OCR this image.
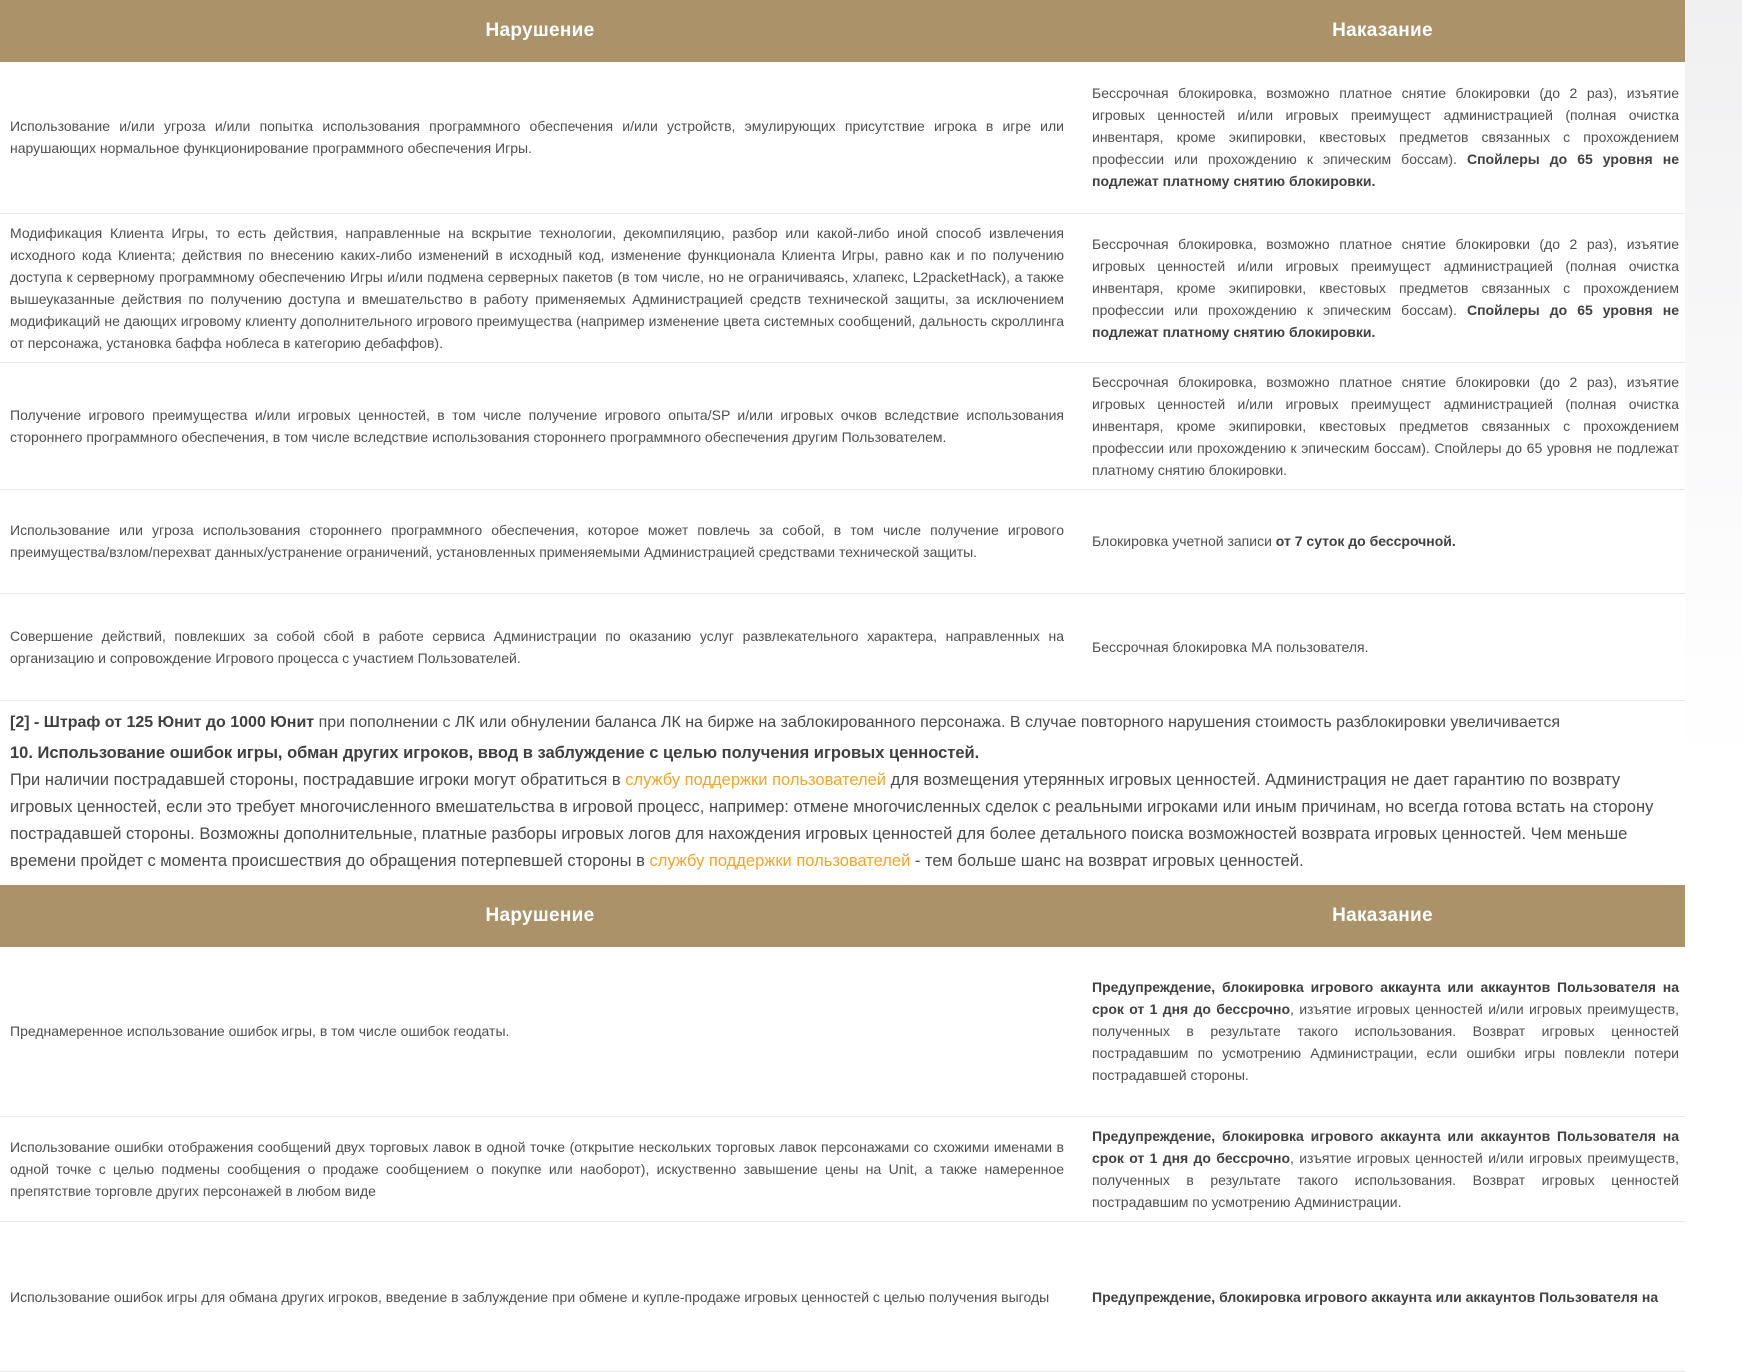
Нарушение	Наказание
Использование и/или угроза и/или попытка использования программного обеспечения и/или устройств, эмулирующих присутствие игрока в игре или нарушающих нормальное функционирование программного обеспечения Игры.	Бессрочная блокировка, возможно платное снятие блокировки (до 2 раз), изъятие игровых ценностей и/или игровых преимущест администрацией (полная очистка инвентаря, кроме экипировки, квестовых предметов связанных с прохождением профессии или прохождению к эпическим боссам). Спойлеры до 65 уровня не подлежат платному снятию блокировки.
Модификация Клиента Игры, то есть действия, направленные на вскрытие технологии, декомпиляцию, разбор или какой-либо иной способ извлечения исходного кода Клиента; действия по внесению каких-либо изменений в исходный код, изменение функционала Клиента Игры, равно как и по получению доступа к серверному программному обеспечению Игры и/или подмена серверных пакетов (в том числе, но не ограничиваясь, хлапекс, L2packetHack), а также вышеуказанные действия по получению доступа и вмешательство в работу применяемых Администрацией средств технической защиты, за исключением модификаций не дающих игровому клиенту дополнительного игрового преимущества (например изменение цвета системных сообщений, дальность скроллинга от персонажа, установка баффа ноблеса в категорию дебаффов).	Бессрочная блокировка, возможно платное снятие блокировки (до 2 раз), изъятие игровых ценностей и/или игровых преимущест администрацией (полная очистка инвентаря, кроме экипировки, квестовых предметов связанных с прохождением профессии или прохождению к эпическим боссам). Спойлеры до 65 уровня не подлежат платному снятию блокировки.
Получение игрового преимущества и/или игровых ценностей, в том числе получение игрового опыта/SP и/или игровых очков вследствие использования стороннего программного обеспечения, в том числе вследствие использования стороннего программного обеспечения другим Пользователем.	Бессрочная блокировка, возможно платное снятие блокировки (до 2 раз), изъятие игровых ценностей и/или игровых преимущест администрацией (полная очистка инвентаря, кроме экипировки, квестовых предметов связанных с прохождением профессии или прохождению к эпическим боссам). Спойлеры до 65 уровня не подлежат платному снятию блокировки.
Использование или угроза использования стороннего программного обеспечения, которое может повлечь за собой, в том числе получение игрового преимущества/взлом/перехват данных/устранение ограничений, установленных применяемыми Администрацией средствами технической защиты.	Блокировка учетной записи от 7 суток до бессрочной.
Совершение действий, повлекших за собой сбой в работе сервиса Администрации по оказанию услуг развлекательного характера, направленных на организацию и сопровождение Игрового процесса с участием Пользователей.	Бессрочная блокировка МА пользователя.

[2] - Штраф от 125 Юнит до 1000 Юнит при пополнении с ЛК или обнулении баланса ЛК на бирже на заблокированного персонажа. В случае повторного нарушения стоимость разблокировки увеличивается

10. Использование ошибок игры, обман других игроков, ввод в заблуждение с целью получения игровых ценностей.

При наличии пострадавшей стороны, пострадавшие игроки могут обратиться в службу поддержки пользователей для возмещения утерянных игровых ценностей. Администрация не дает гарантию по возврату игровых ценностей, если это требует многочисленного вмешательства в игровой процесс, например: отмене многочисленных сделок с реальными игроками или иным причинам, но всегда готова встать на сторону пострадавшей стороны. Возможны дополнительные, платные разборы игровых логов для нахождения игровых ценностей для более детального поиска возможностей возврата игровых ценностей. Чем меньше времени пройдет с момента происшествия до обращения потерпевшей стороны в службу поддержки пользователей - тем больше шанс на возврат игровых ценностей.

Нарушение	Наказание
Преднамеренное использование ошибок игры, в том числе ошибок геодаты.	Предупреждение, блокировка игрового аккаунта или аккаунтов Пользователя на срок от 1 дня до бессрочно, изъятие игровых ценностей и/или игровых преимуществ, полученных в результате такого использования. Возврат игровых ценностей пострадавшим по усмотрению Администрации, если ошибки игры повлекли потери пострадавшей стороны.
Использование ошибки отображения сообщений двух торговых лавок в одной точке (открытие нескольких торговых лавок персонажами со схожими именами в одной точке с целью подмены сообщения о продаже сообщением о покупке или наоборот), искуственно завышение цены на Unit, а также намеренное препятствие торговле других персонажей в любом виде	Предупреждение, блокировка игрового аккаунта или аккаунтов Пользователя на срок от 1 дня до бессрочно, изъятие игровых ценностей и/или игровых преимуществ, полученных в результате такого использования. Возврат игровых ценностей пострадавшим по усмотрению Администрации.
Использование ошибок игры для обмана других игроков, введение в заблуждение при обмене и купле-продаже игровых ценностей с целью получения выгоды	Предупреждение, блокировка игрового аккаунта или аккаунтов Пользователя на
